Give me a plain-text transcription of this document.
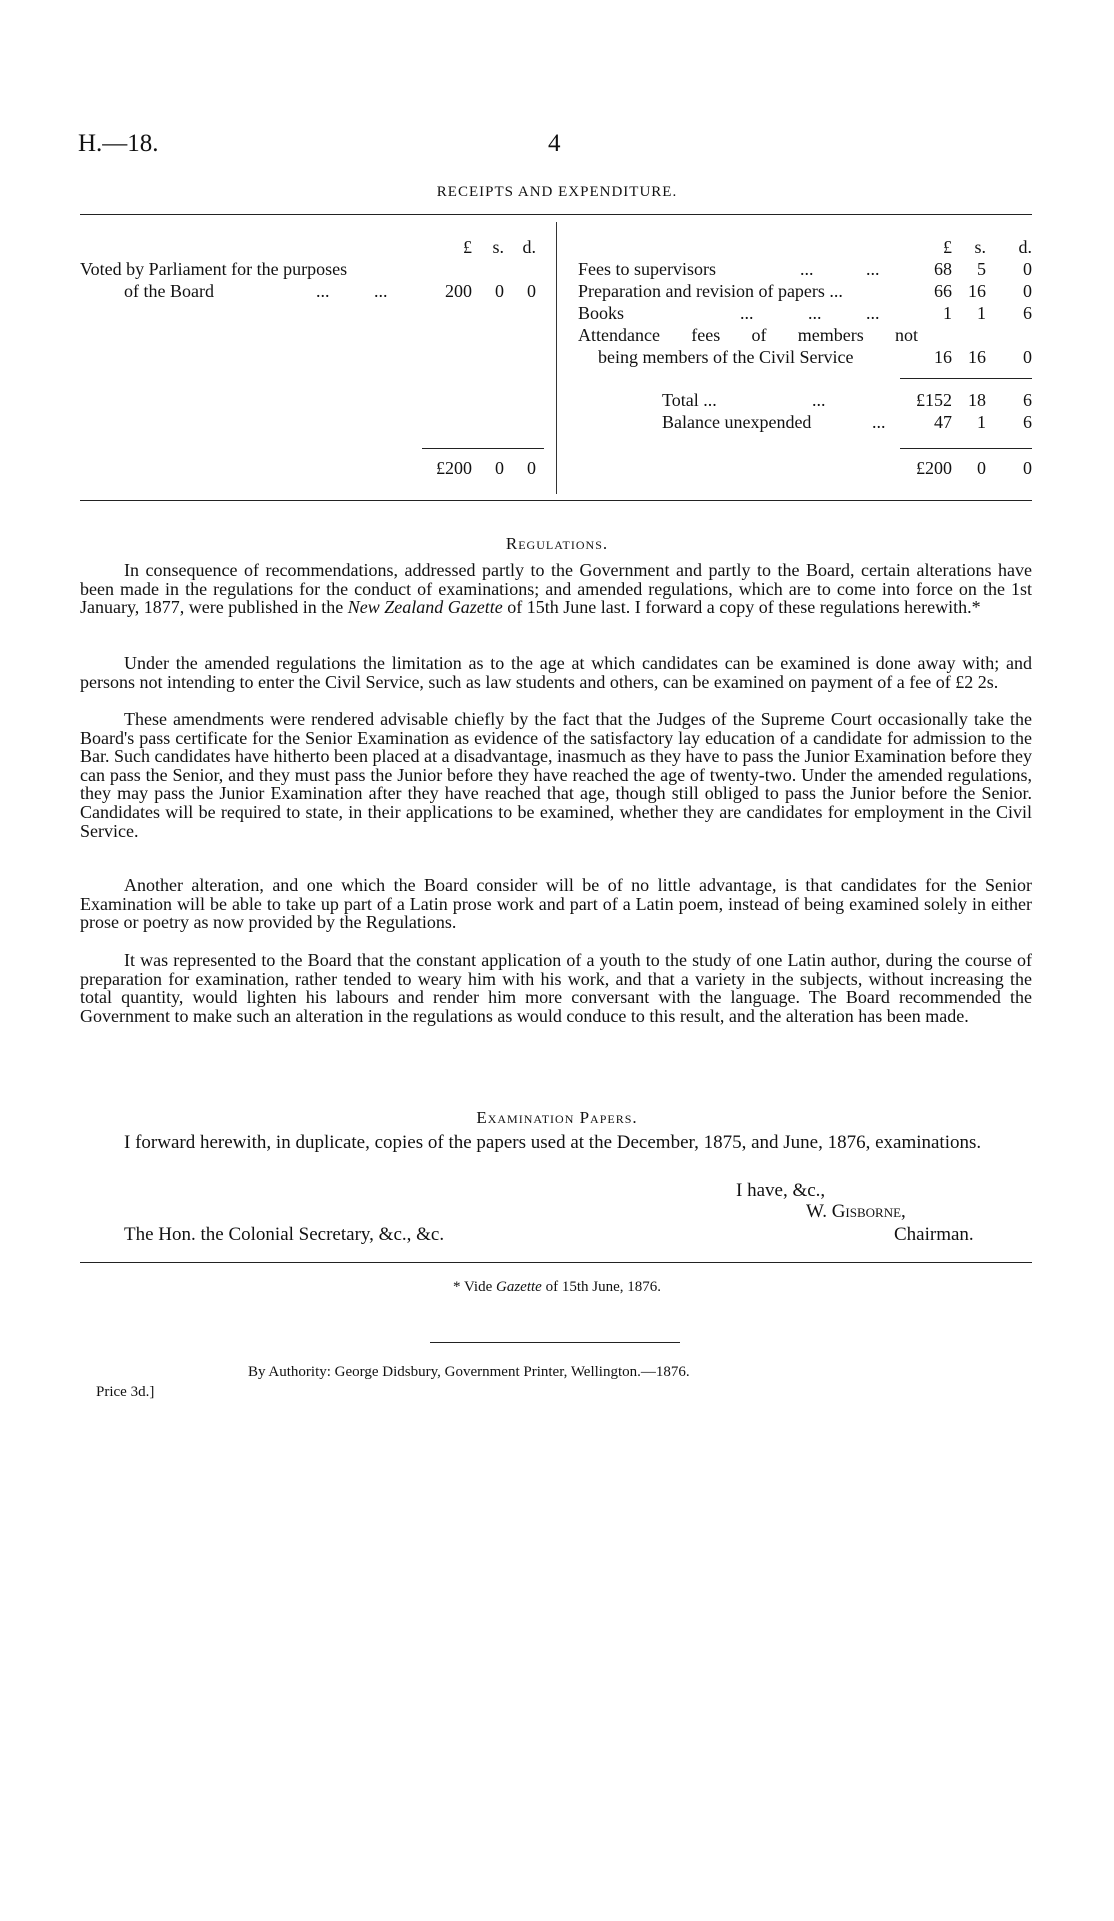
H.—18.	4
RECEIPTS AND EXPENDITURE.
£	s.	d.
Voted by Parliament for the purposes
of the Board	... ...	200	0	0
£200	0	0
£	s.	d.
Fees to supervisors	...	...	68	5	0
Preparation and revision of papers ...	66 16	0
Books	...	... ...	1	1	6
Attendance fees of members not
being members of the Civil Service	16 16	0
Total ...	...	£152 18	6
Balance unexpended	...	47	1	6
£200	0	0
Regulations.
In consequence of recommendations, addressed partly to the Government and partly to the Board, certain alterations have been made in the regulations for the conduct of examinations; and amended regulations, which are to come into force on the 1st January, 1877, were published in the New Zealand Gazette of 15th June last. I forward a copy of these regulations herewith.*
Under the amended regulations the limitation as to the age at which candidates can be examined is done away with; and persons not intending to enter the Civil Service, such as law students and others, can be examined on payment of a fee of £2 2s.
These amendments were rendered advisable chiefly by the fact that the Judges of the Supreme Court occasionally take the Board's pass certificate for the Senior Examination as evidence of the satisfactory lay education of a candidate for admission to the Bar. Such candidates have hitherto been placed at a disadvantage, inasmuch as they have to pass the Junior Examination before they can pass the Senior, and they must pass the Junior before they have reached the age of twenty-two. Under the amended regulations, they may pass the Junior Examination after they have reached that age, though still obliged to pass the Junior before the Senior. Candidates will be required to state, in their applications to be examined, whether they are candidates for employment in the Civil Service.
Another alteration, and one which the Board consider will be of no little advantage, is that candidates for the Senior Examination will be able to take up part of a Latin prose work and part of a Latin poem, instead of being examined solely in either prose or poetry as now provided by the Regulations.
It was represented to the Board that the constant application of a youth to the study of one Latin author, during the course of preparation for examination, rather tended to weary him with his work, and that a variety in the subjects, without increasing the total quantity, would lighten his labours and render him more conversant with the language. The Board recommended the Government to make such an alteration in the regulations as would conduce to this result, and the alteration has been made.
Examination Papers.
I forward herewith, in duplicate, copies of the papers used at the December, 1875, and June, 1876, examinations.
I have, &c.,
W. Gisborne,
The Hon. the Colonial Secretary, &c., &c.	Chairman.
* Vide Gazette of 15th June, 1876.
By Authority: George Didsbury, Government Printer, Wellington.—1876.
Price 3d.]
